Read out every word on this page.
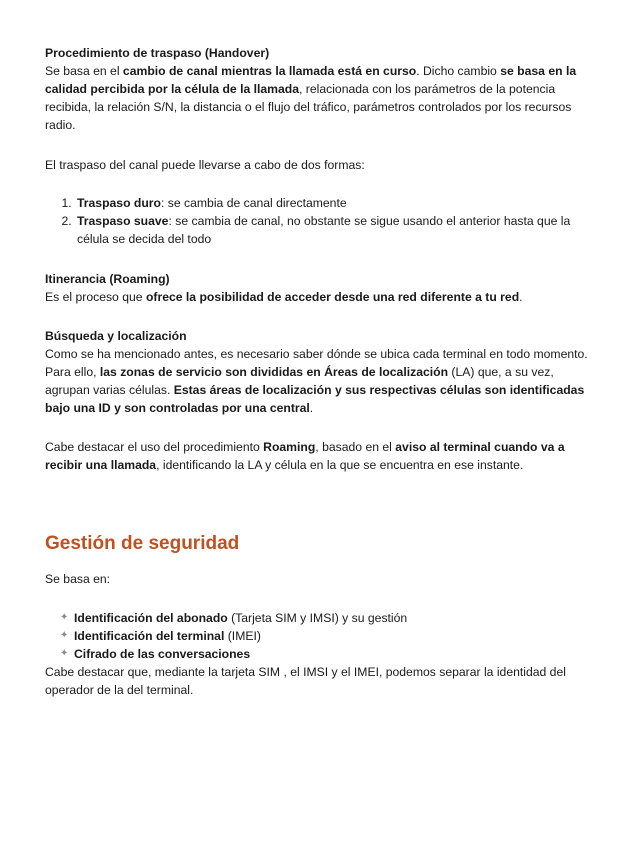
Procedimiento de traspaso (Handover)

Se basa en el cambio de canal mientras la llamada está en curso. Dicho cambio se basa en la calidad percibida por la célula de la llamada, relacionada con los parámetros de la potencia recibida, la relación S/N, la distancia o el flujo del tráfico, parámetros controlados por los recursos radio.

El traspaso del canal puede llevarse a cabo de dos formas:

1. Traspaso duro: se cambia de canal directamente
2. Traspaso suave: se cambia de canal, no obstante se sigue usando el anterior hasta que la célula se decida del todo

Itinerancia (Roaming)

Es el proceso que ofrece la posibilidad de acceder desde una red diferente a tu red.

Búsqueda y localización

Como se ha mencionado antes, es necesario saber dónde se ubica cada terminal en todo momento. Para ello, las zonas de servicio son divididas en Áreas de localización (LA) que, a su vez, agrupan varias células. Estas áreas de localización y sus respectivas células son identificadas bajo una ID y son controladas por una central.

Cabe destacar el uso del procedimiento Roaming, basado en el aviso al terminal cuando va a recibir una llamada, identificando la LA y célula en la que se encuentra en ese instante.

Gestión de seguridad

Se basa en:

✦ Identificación del abonado (Tarjeta SIM y IMSI) y su gestión
✦ Identificación del terminal (IMEI)
✦ Cifrado de las conversaciones

Cabe destacar que, mediante la tarjeta SIM , el IMSI y el IMEI, podemos separar la identidad del operador de la del terminal.
